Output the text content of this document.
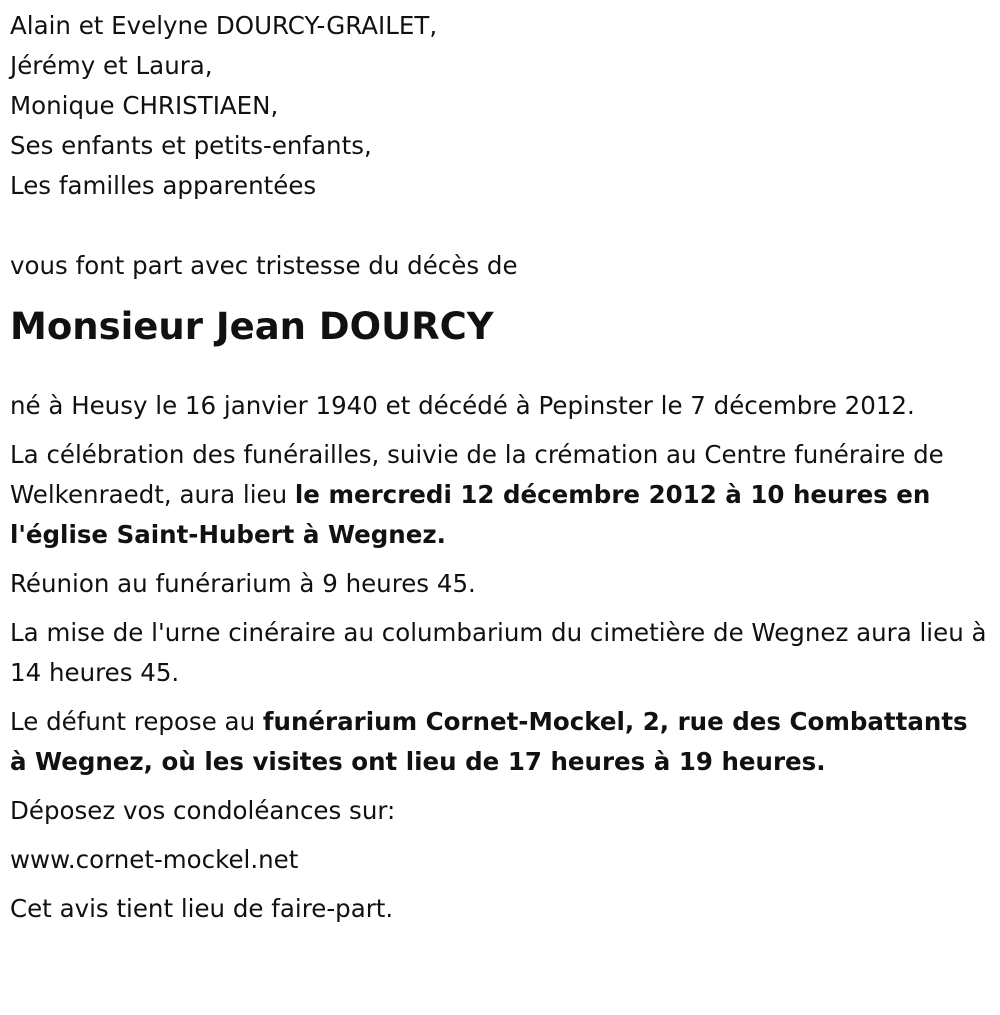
Alain et Evelyne DOURCY-GRAILET,

Jérémy et Laura,

Monique CHRISTIAEN,

Ses enfants et petits-enfants,

Les familles apparentées

vous font part avec tristesse du décès de

Monsieur Jean DOURCY

né à Heusy le 16 janvier 1940 et décédé à Pepinster le 7 décembre 2012.

La célébration des funérailles, suivie de la crémation au Centre funéraire de Welkenraedt, aura lieu le mercredi 12 décembre 2012 à 10 heures en l'église Saint-Hubert à Wegnez.

Réunion au funérarium à 9 heures 45.

La mise de l'urne cinéraire au columbarium du cimetière de Wegnez aura lieu à 14 heures 45.

Le défunt repose au funérarium Cornet-Mockel, 2, rue des Combattants à Wegnez, où les visites ont lieu de 17 heures à 19 heures.

Déposez vos condoléances sur:

www.cornet-mockel.net

Cet avis tient lieu de faire-part.
